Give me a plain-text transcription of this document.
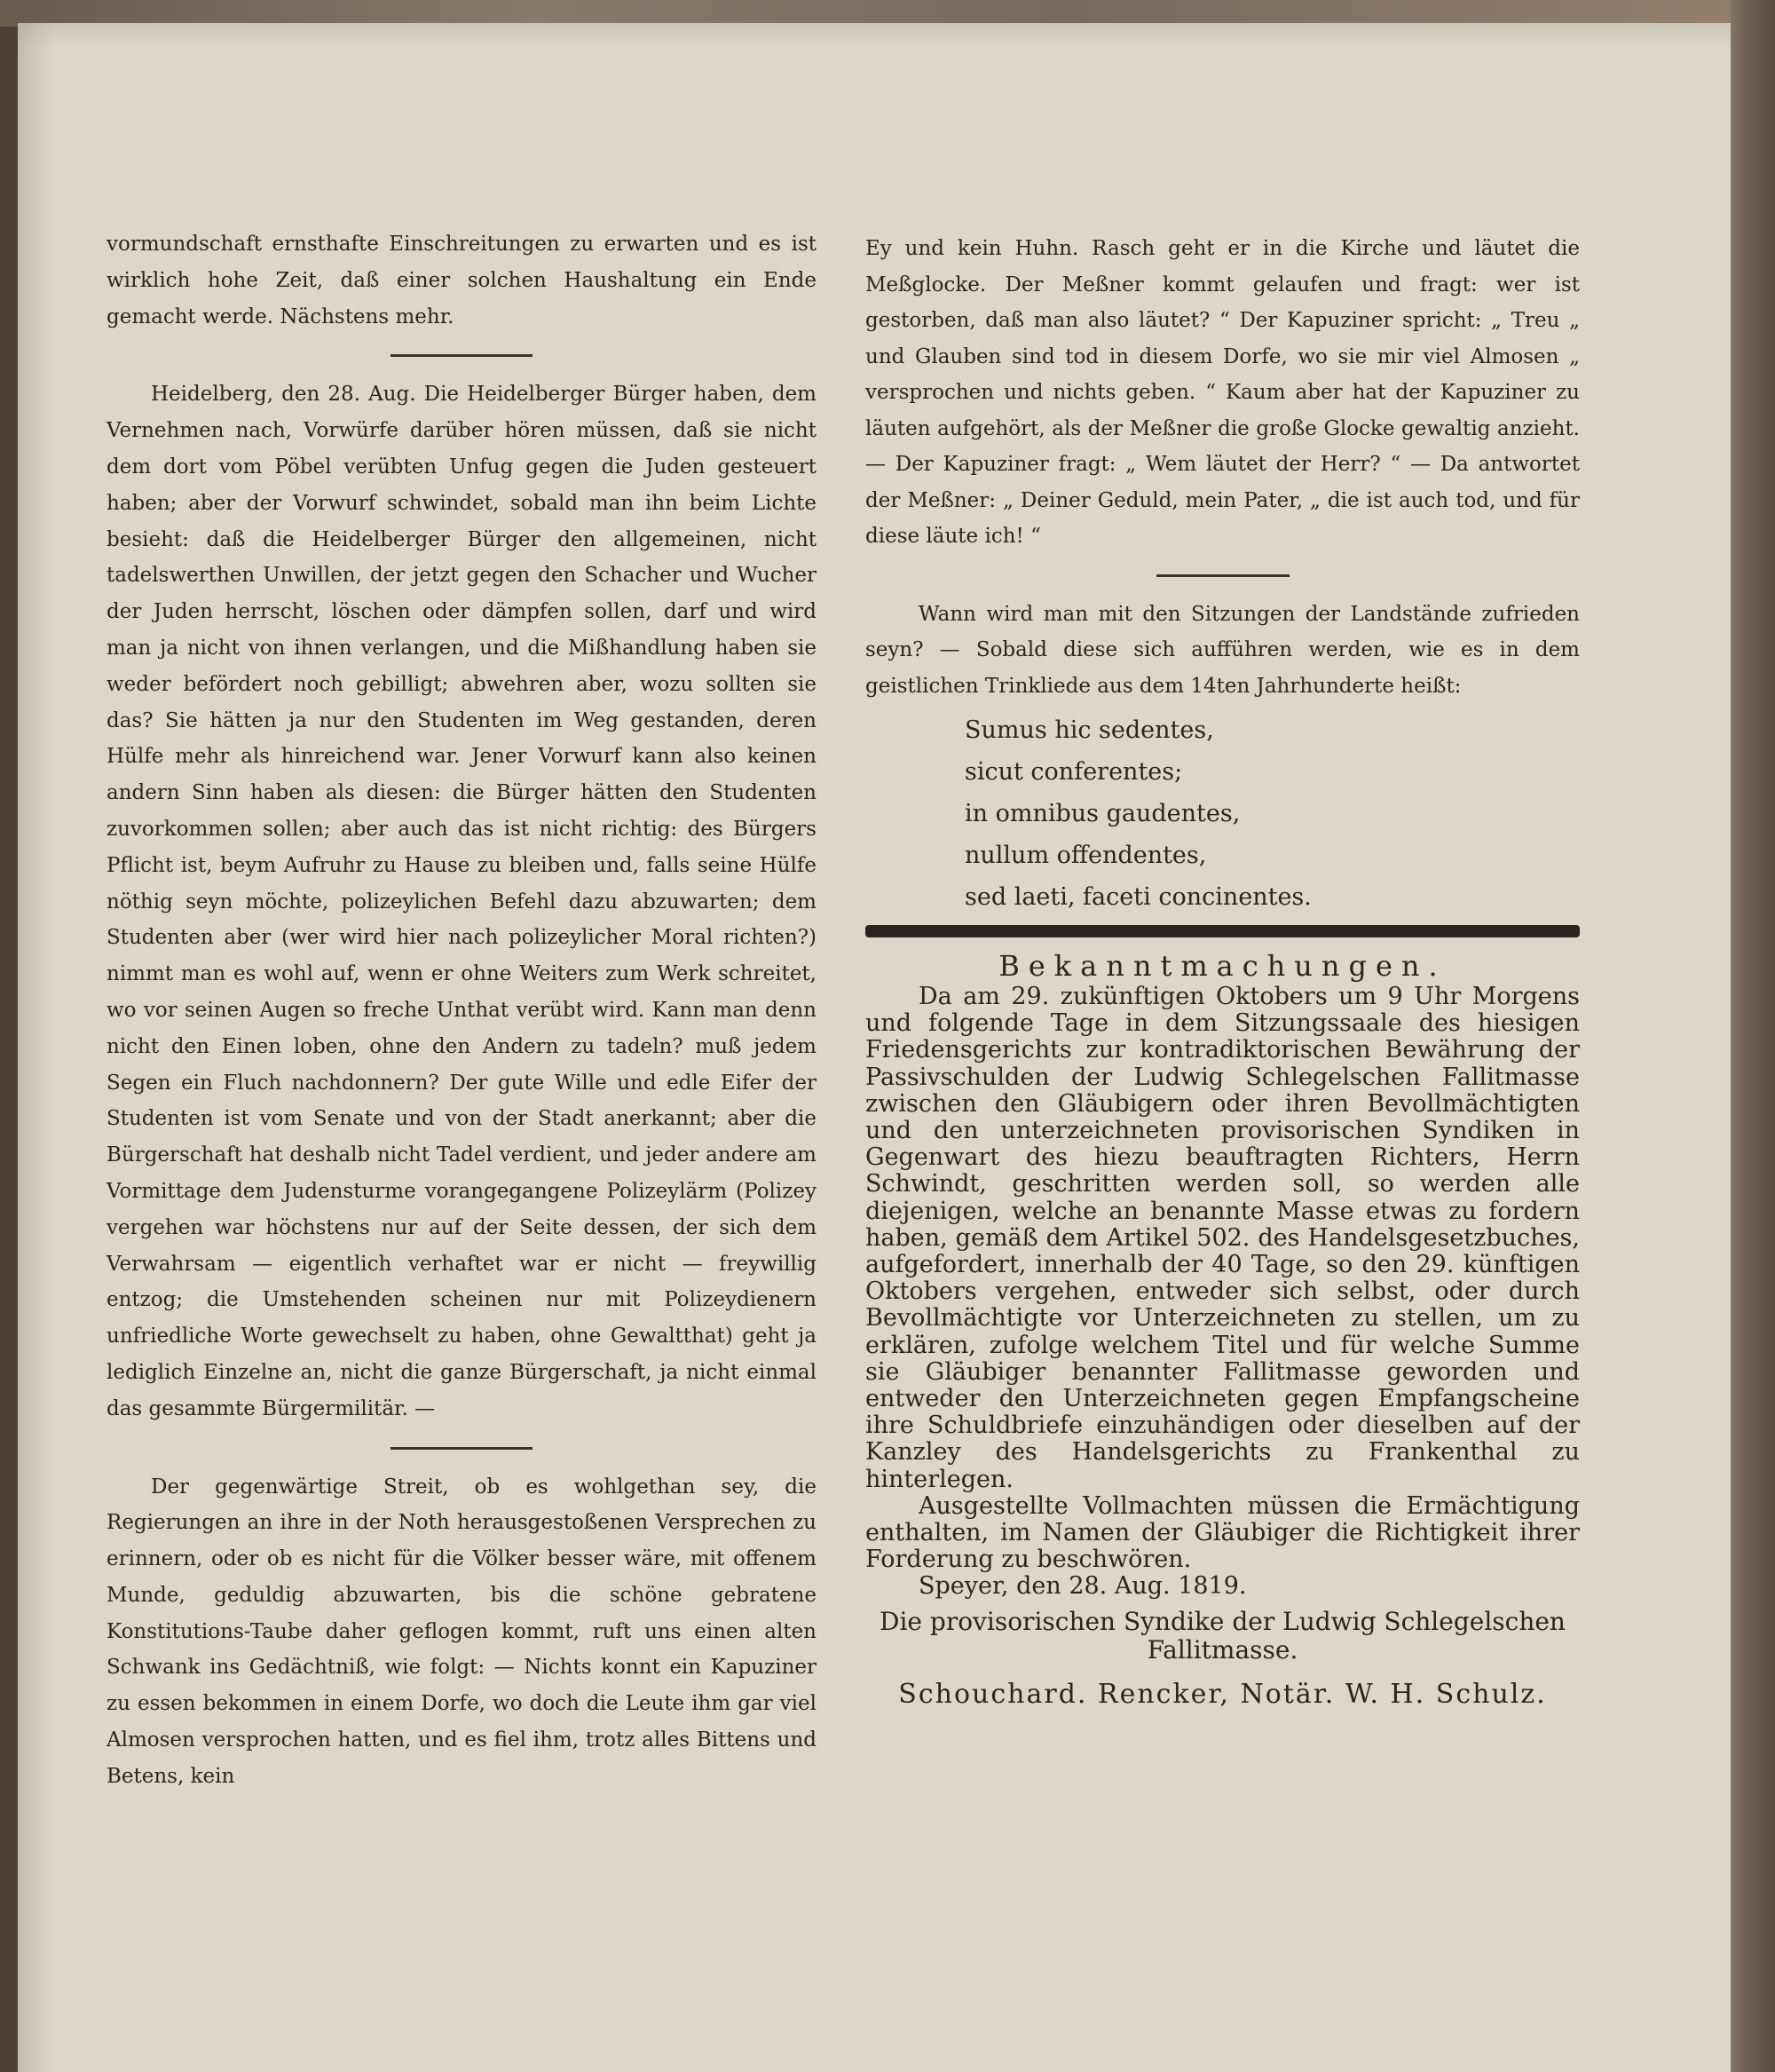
vormundschaft ernsthafte Einschreitungen zu erwarten und es ist wirklich hohe Zeit, daß einer solchen Haushaltung ein Ende gemacht werde. Nächstens mehr.

Heidelberg, den 28. Aug. Die Heidelberger Bürger haben, dem Vernehmen nach, Vorwürfe darüber hören müssen, daß sie nicht dem dort vom Pöbel verübten Unfug gegen die Juden gesteuert haben; aber der Vorwurf schwindet, sobald man ihn beim Lichte besieht: daß die Heidelberger Bürger den allgemeinen, nicht tadelswerthen Unwillen, der jetzt gegen den Schacher und Wucher der Juden herrscht, löschen oder dämpfen sollen, darf und wird man ja nicht von ihnen verlangen, und die Mißhandlung haben sie weder befördert noch gebilligt; abwehren aber, wozu sollten sie das? Sie hätten ja nur den Studenten im Weg gestanden, deren Hülfe mehr als hinreichend war. Jener Vorwurf kann also keinen andern Sinn haben als diesen: die Bürger hätten den Studenten zuvorkommen sollen; aber auch das ist nicht richtig: des Bürgers Pflicht ist, beym Aufruhr zu Hause zu bleiben und, falls seine Hülfe nöthig seyn möchte, polizeylichen Befehl dazu abzuwarten; dem Studenten aber (wer wird hier nach polizeylicher Moral richten?) nimmt man es wohl auf, wenn er ohne Weiters zum Werk schreitet, wo vor seinen Augen so freche Unthat verübt wird. Kann man denn nicht den Einen loben, ohne den Andern zu tadeln? muß jedem Segen ein Fluch nachdonnern? Der gute Wille und edle Eifer der Studenten ist vom Senate und von der Stadt anerkannt; aber die Bürgerschaft hat deshalb nicht Tadel verdient, und jeder andere am Vormittage dem Judensturme vorangegangene Polizeylärm (Polizey vergehen war höchstens nur auf der Seite dessen, der sich dem Verwahrsam — eigentlich verhaftet war er nicht — freywillig entzog; die Umstehenden scheinen nur mit Polizeydienern unfriedliche Worte gewechselt zu haben, ohne Gewaltthat) geht ja lediglich Einzelne an, nicht die ganze Bürgerschaft, ja nicht einmal das gesammte Bürgermilitär. —

Der gegenwärtige Streit, ob es wohlgethan sey, die Regierungen an ihre in der Noth herausgestoßenen Versprechen zu erinnern, oder ob es nicht für die Völker besser wäre, mit offenem Munde, geduldig abzuwarten, bis die schöne gebratene Konstitutions-Taube daher geflogen kommt, ruft uns einen alten Schwank ins Gedächtniß, wie folgt: — Nichts konnt ein Kapuziner zu essen bekommen in einem Dorfe, wo doch die Leute ihm gar viel Almosen versprochen hatten, und es fiel ihm, trotz alles Bittens und Betens, kein

Ey und kein Huhn. Rasch geht er in die Kirche und läutet die Meßglocke. Der Meßner kommt gelaufen und fragt: wer ist gestorben, daß man also läutet? “ Der Kapuziner spricht: „ Treu „ und Glauben sind tod in diesem Dorfe, wo sie mir viel Almosen „ versprochen und nichts geben. “ Kaum aber hat der Kapuziner zu läuten aufgehört, als der Meßner die große Glocke gewaltig anzieht. — Der Kapuziner fragt: „ Wem läutet der Herr? “ — Da antwortet der Meßner: „ Deiner Geduld, mein Pater, „ die ist auch tod, und für diese läute ich! “

Wann wird man mit den Sitzungen der Landstände zufrieden seyn? — Sobald diese sich aufführen werden, wie es in dem geistlichen Trinkliede aus dem 14ten Jahrhunderte heißt:

Sumus hic sedentes,
sicut conferentes;
in omnibus gaudentes,
nullum offendentes,
sed laeti, faceti concinentes.
Bekanntmachungen.

Da am 29. zukünftigen Oktobers um 9 Uhr Morgens und folgende Tage in dem Sitzungssaale des hiesigen Friedensgerichts zur kontradiktorischen Bewährung der Passivschulden der Ludwig Schlegelschen Fallitmasse zwischen den Gläubigern oder ihren Bevollmächtigten und den unterzeichneten provisorischen Syndiken in Gegenwart des hiezu beauftragten Richters, Herrn Schwindt, geschritten werden soll, so werden alle diejenigen, welche an benannte Masse etwas zu fordern haben, gemäß dem Artikel 502. des Handelsgesetzbuches, aufgefordert, innerhalb der 40 Tage, so den 29. künftigen Oktobers vergehen, entweder sich selbst, oder durch Bevollmächtigte vor Unterzeichneten zu stellen, um zu erklären, zufolge welchem Titel und für welche Summe sie Gläubiger benannter Fallitmasse geworden und entweder den Unterzeichneten gegen Empfangscheine ihre Schuldbriefe einzuhändigen oder dieselben auf der Kanzley des Handelsgerichts zu Frankenthal zu hinterlegen.

Ausgestellte Vollmachten müssen die Ermächtigung enthalten, im Namen der Gläubiger die Richtigkeit ihrer Forderung zu beschwören.

Speyer, den 28. Aug. 1819.

Die provisorischen Syndike der Ludwig Schlegelschen Fallitmasse.
Schouchard. Rencker, Notär. W. H. Schulz.
